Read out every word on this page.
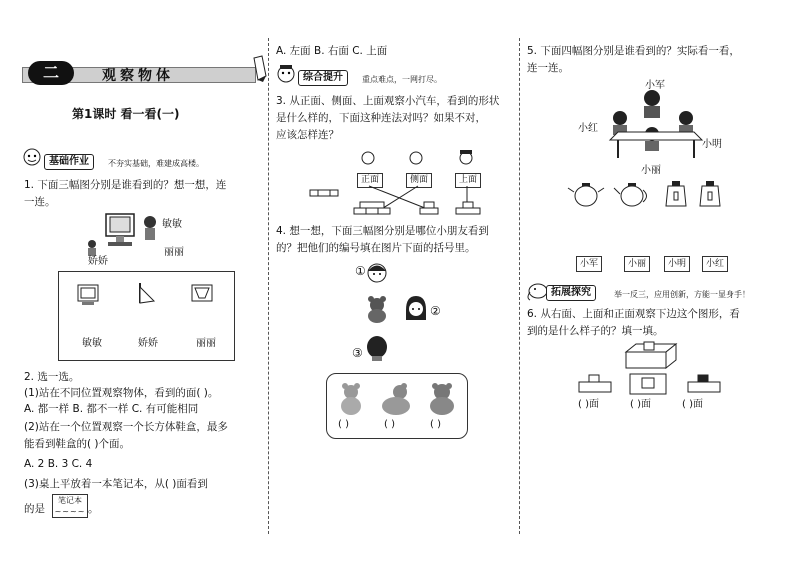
二	观察物体
第1课时 看一看(一)
基础作业	不夯实基础，难建成高楼。
1. 下面三幅图分别是谁看到的？想一想，连
一连。
敏敏
丽丽
娇娇
敏敏	娇娇	丽丽
2. 选一选。
(1)站在不同位置观察物体，看到的面( )。
A. 都一样 B. 都不一样 C. 有可能相同
(2)站在一个位置观察一个长方体鞋盒，最多
能看到鞋盒的( )个面。
A. 2 B. 3 C. 4
(3)桌上平放着一本笔记本，从( )面看到
的是
笔记本
~~~~ 。
A. 左面 B. 右面 C. 上面
综合提升	重点难点，一网打尽。
3. 从正面、侧面、上面观察小汽车，看到的形状
是什么样的，下面这种连法对吗？如果不对，
应该怎样连？
正面	侧面	上面
4. 想一想，下面三幅图分别是哪位小朋友看到
的？把他们的编号填在图片下面的括号里。
①
②
③
( )	( )	( )
5. 下面四幅图分别是谁看到的？实际看一看，
连一连。
小军
小红
小明
小丽
小军	小丽	小明	小红
拓展探究	举一反三，应用创新，方能一显身手！
6. 从右面、上面和正面观察下边这个图形，看
到的是什么样子的？填一填。
( )面	( )面	( )面
